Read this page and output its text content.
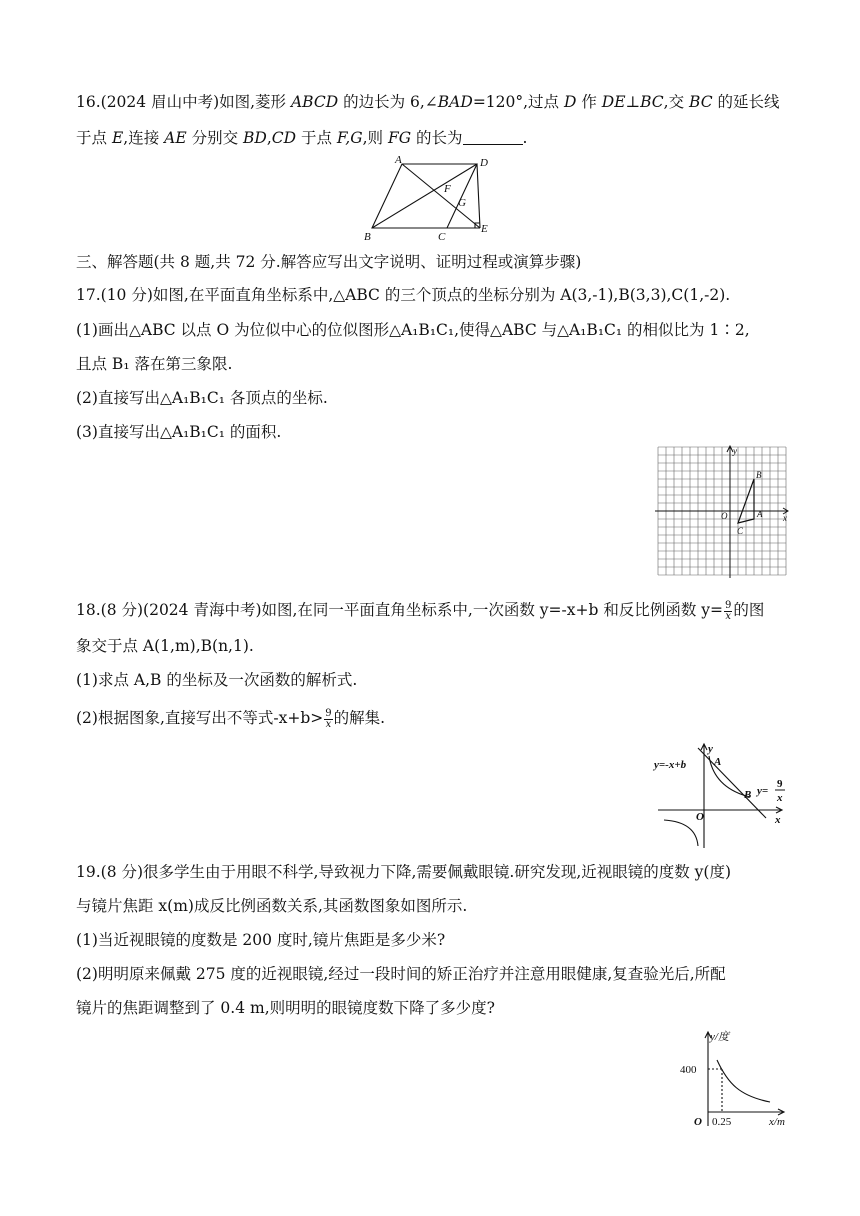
16.(2024 眉山中考)如图,菱形 ABCD 的边长为 6,∠BAD=120°,过点 D 作 DE⊥BC,交 BC 的延长线
于点 E,连接 AE 分别交 BD,CD 于点 F,G,则 FG 的长为	.
A	D
F
G
B	C
E
三、解答题(共 8 题,共 72 分.解答应写出文字说明、证明过程或演算步骤)
17.(10 分)如图,在平面直角坐标系中,△ABC 的三个顶点的坐标分别为 A(3,-1),B(3,3),C(1,-2).
(1)画出△ABC 以点 O 为位似中心的位似图形△A₁B₁C₁,使得△ABC 与△A₁B₁C₁ 的相似比为 1∶2,
且点 B₁ 落在第三象限.
(2)直接写出△A₁B₁C₁ 各顶点的坐标.
(3)直接写出△A₁B₁C₁ 的面积.
y
x
O	A
B
C
18.(8 分)(2024 青海中考)如图,在同一平面直角坐标系中,一次函数 y=-x+b 和反比例函数 $y= \frac{9}{x}$ 的图
象交于点 A(1,m),B(n,1).
(1)求点 A,B 的坐标及一次函数的解析式.
(2)根据图象,直接写出不等式$-x+b> \frac{9}{x}$ 的解集.
y=-x+b	A
B y=
9
x
O	x
y
19.(8 分)很多学生由于用眼不科学,导致视力下降,需要佩戴眼镜.研究发现,近视眼镜的度数 y(度)
与镜片焦距 x(m)成反比例函数关系,其函数图象如图所示.
(1)当近视眼镜的度数是 200 度时,镜片焦距是多少米?
(2)明明原来佩戴 275 度的近视眼镜,经过一段时间的矫正治疗并注意用眼健康,复查验光后,所配
镜片的焦距调整到了 0.4 m,则明明的眼镜度数下降了多少度?
y/度
400
O 0.25	x/m
